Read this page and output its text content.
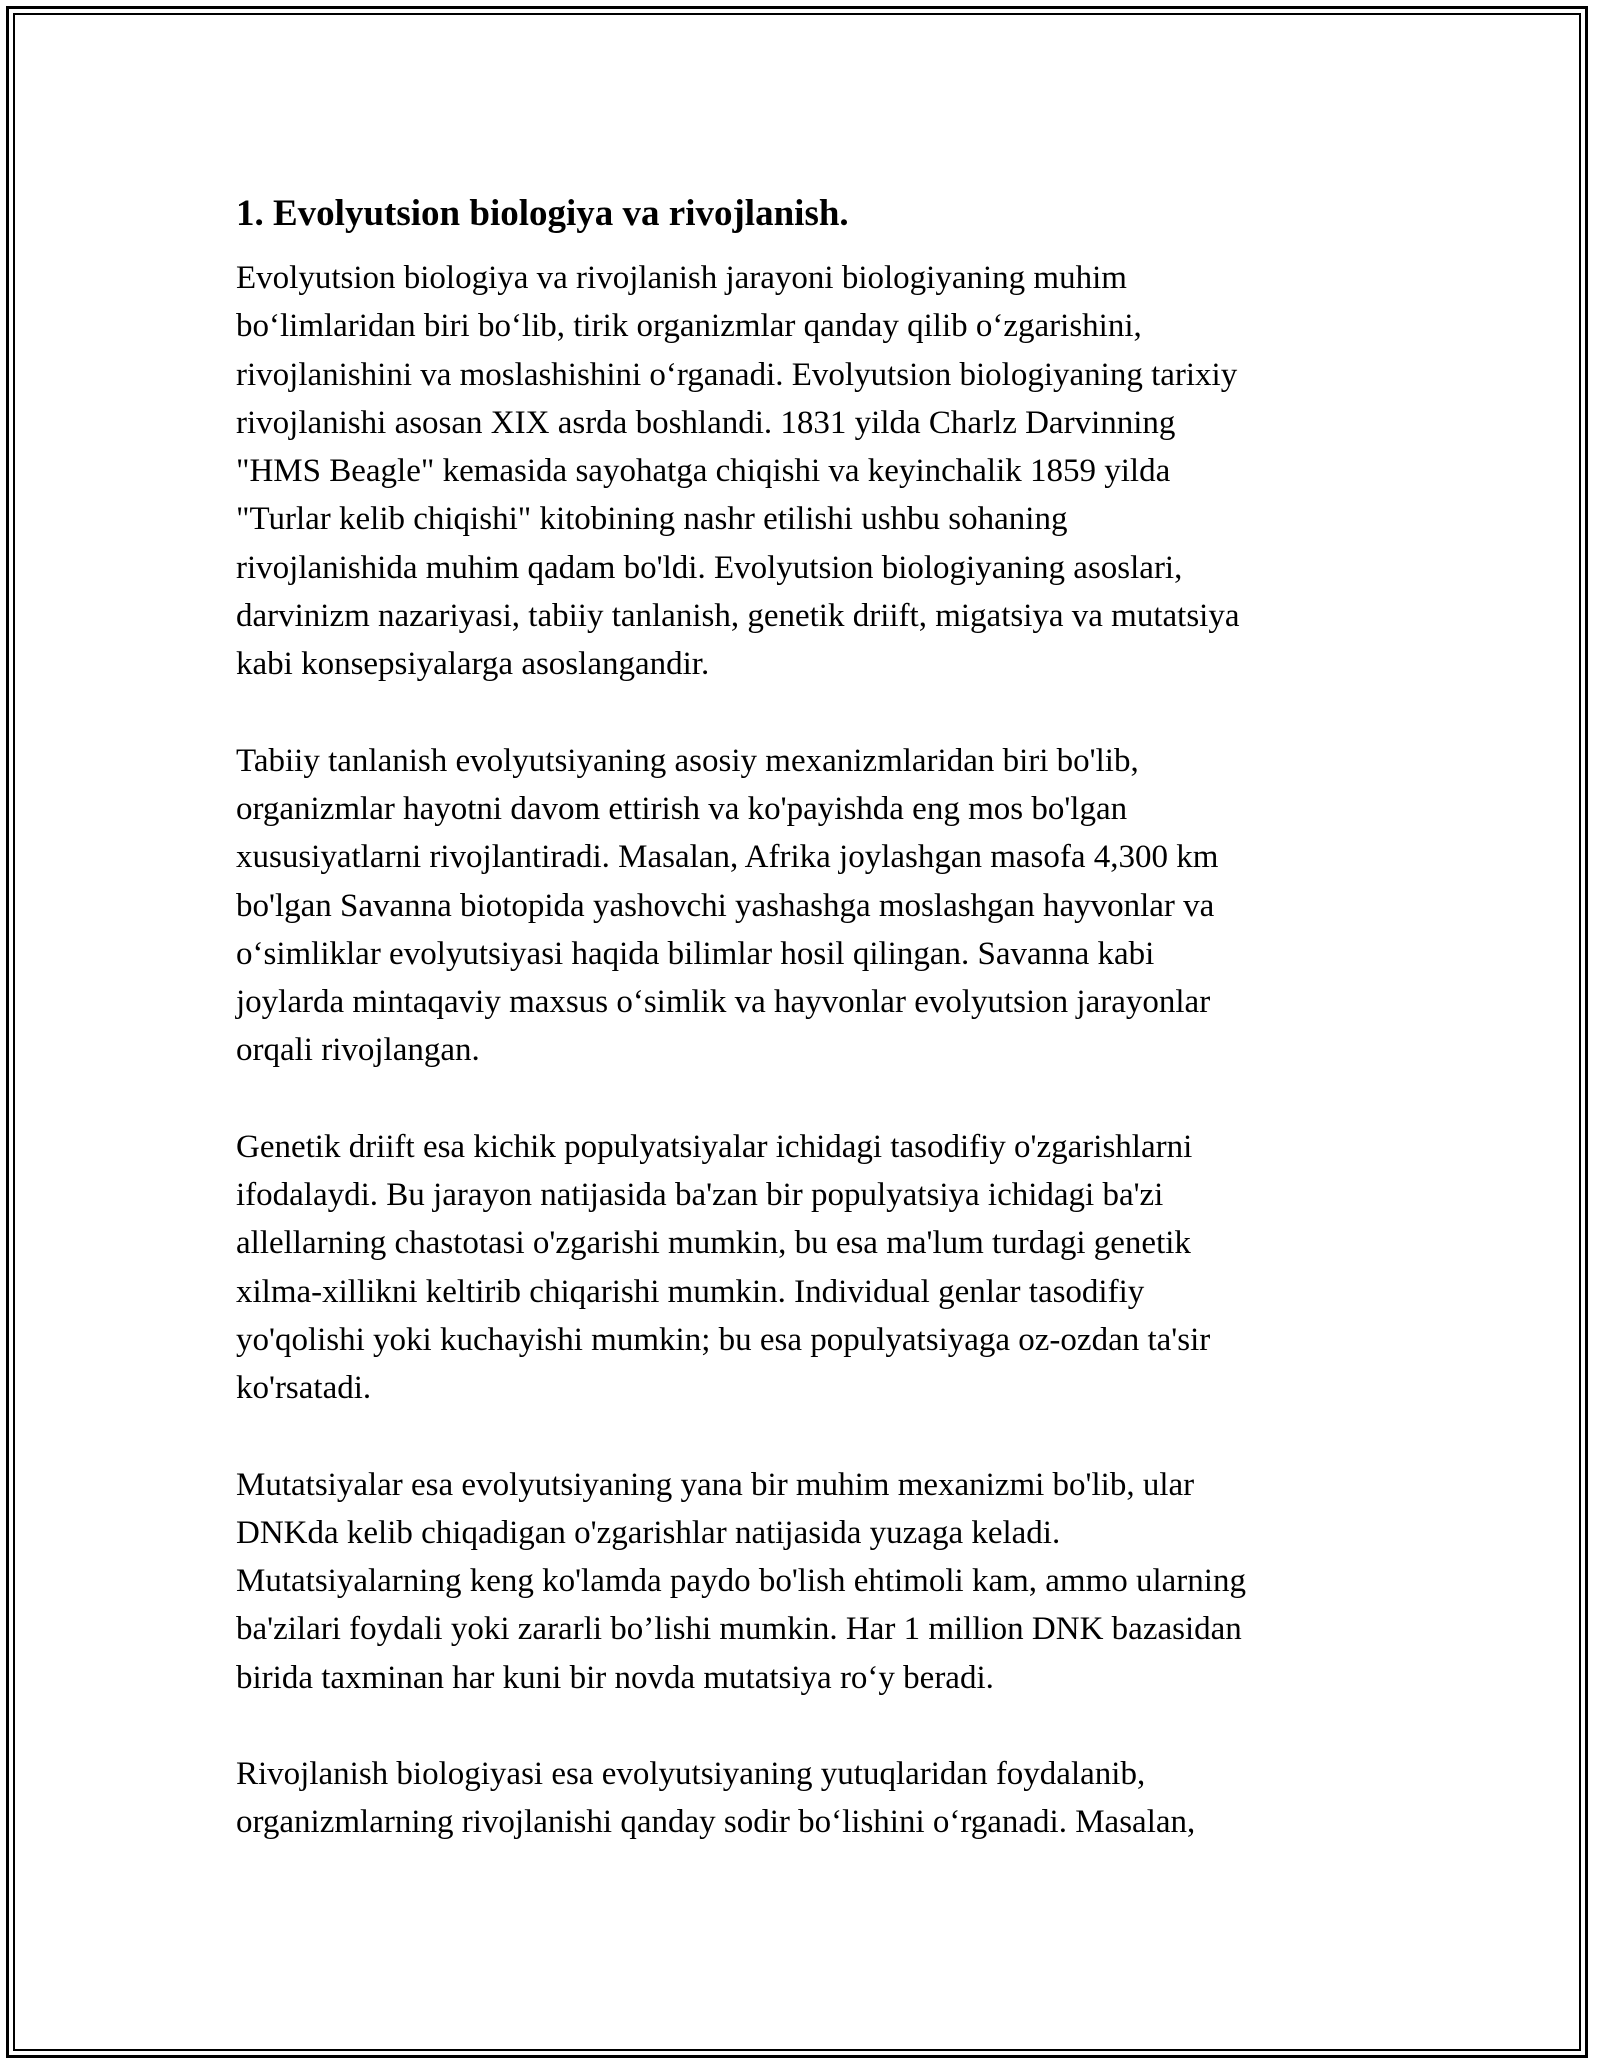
1. Evolyutsion biologiya va rivojlanish.

Evolyutsion biologiya va rivojlanish jarayoni biologiyaning muhim
bo‘limlaridan biri bo‘lib, tirik organizmlar qanday qilib o‘zgarishini,
rivojlanishini va moslashishini o‘rganadi. Evolyutsion biologiyaning tarixiy
rivojlanishi asosan XIX asrda boshlandi. 1831 yilda Charlz Darvinning
"HMS Beagle" kemasida sayohatga chiqishi va keyinchalik 1859 yilda
"Turlar kelib chiqishi" kitobining nashr etilishi ushbu sohaning
rivojlanishida muhim qadam bo'ldi. Evolyutsion biologiyaning asoslari,
darvinizm nazariyasi, tabiiy tanlanish, genetik driift, migatsiya va mutatsiya
kabi konsepsiyalarga asoslangandir.

Tabiiy tanlanish evolyutsiyaning asosiy mexanizmlaridan biri bo'lib,
organizmlar hayotni davom ettirish va ko'payishda eng mos bo'lgan
xususiyatlarni rivojlantiradi. Masalan, Afrika joylashgan masofa 4,300 km
bo'lgan Savanna biotopida yashovchi yashashga moslashgan hayvonlar va
o‘simliklar evolyutsiyasi haqida bilimlar hosil qilingan. Savanna kabi
joylarda mintaqaviy maxsus o‘simlik va hayvonlar evolyutsion jarayonlar
orqali rivojlangan.

Genetik driift esa kichik populyatsiyalar ichidagi tasodifiy o'zgarishlarni
ifodalaydi. Bu jarayon natijasida ba'zan bir populyatsiya ichidagi ba'zi
allellarning chastotasi o'zgarishi mumkin, bu esa ma'lum turdagi genetik
xilma-xillikni keltirib chiqarishi mumkin. Individual genlar tasodifiy
yo'qolishi yoki kuchayishi mumkin; bu esa populyatsiyaga oz-ozdan ta'sir
ko'rsatadi.

Mutatsiyalar esa evolyutsiyaning yana bir muhim mexanizmi bo'lib, ular
DNKda kelib chiqadigan o'zgarishlar natijasida yuzaga keladi.
Mutatsiyalarning keng ko'lamda paydo bo'lish ehtimoli kam, ammo ularning
ba'zilari foydali yoki zararli bo’lishi mumkin. Har 1 million DNK bazasidan
birida taxminan har kuni bir novda mutatsiya ro‘y beradi.

Rivojlanish biologiyasi esa evolyutsiyaning yutuqlaridan foydalanib,
organizmlarning rivojlanishi qanday sodir bo‘lishini o‘rganadi. Masalan,
